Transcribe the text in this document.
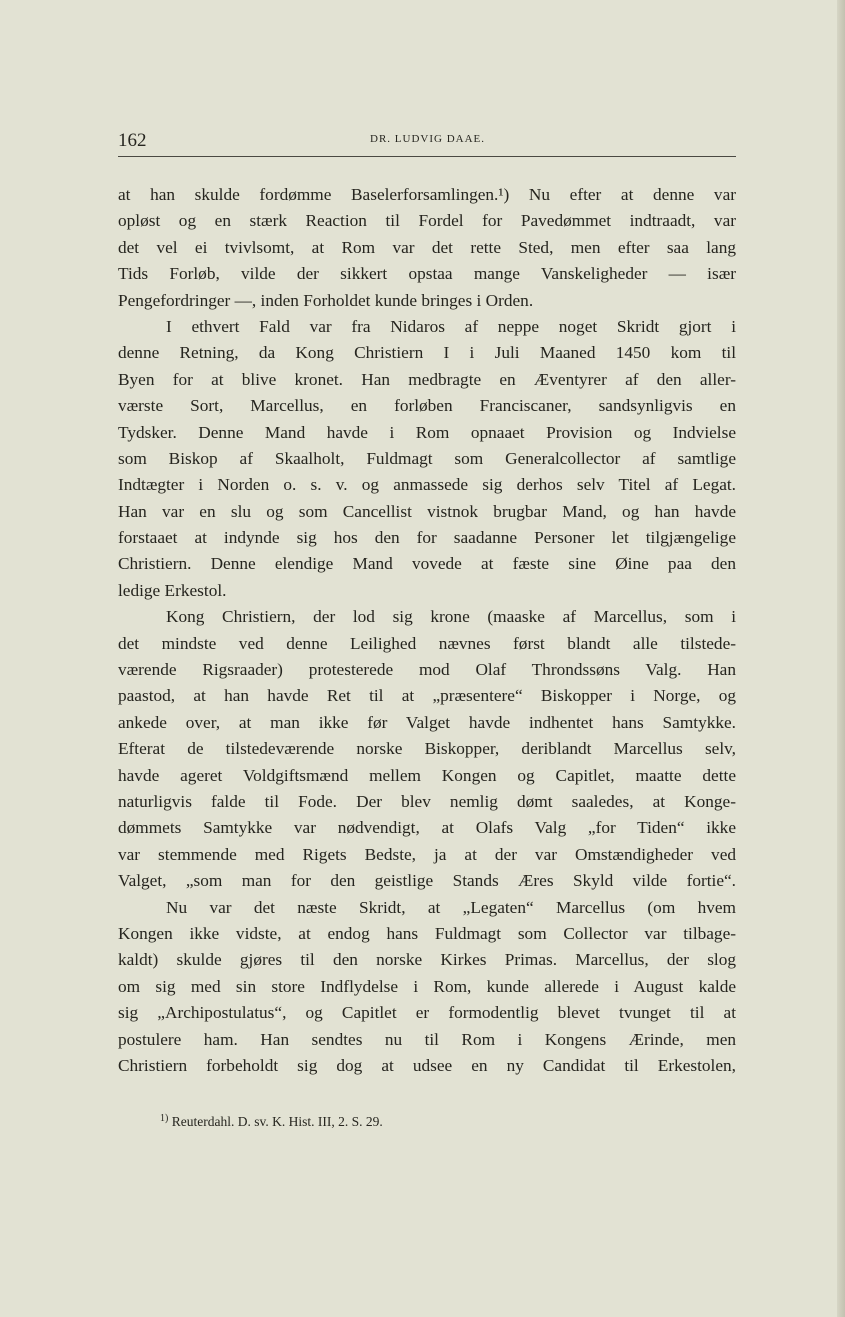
162	DR. LUDVIG DAAE.
at han skulde fordømme Baselerforsamlingen.¹) Nu efter at denne var
opløst og en stærk Reaction til Fordel for Pavedømmet indtraadt, var
det vel ei tvivlsomt, at Rom var det rette Sted, men efter saa lang
Tids Forløb, vilde der sikkert opstaa mange Vanskeligheder — især
Pengefordringer —, inden Forholdet kunde bringes i Orden.
I ethvert Fald var fra Nidaros af neppe noget Skridt gjort i
denne Retning, da Kong Christiern I i Juli Maaned 1450 kom til
Byen for at blive kronet. Han medbragte en Æventyrer af den aller-
værste Sort, Marcellus, en forløben Franciscaner, sandsynligvis en
Tydsker. Denne Mand havde i Rom opnaaet Provision og Indvielse
som Biskop af Skaalholt, Fuldmagt som Generalcollector af samtlige
Indtægter i Norden o. s. v. og anmassede sig derhos selv Titel af Legat.
Han var en slu og som Cancellist vistnok brugbar Mand, og han havde
forstaaet at indynde sig hos den for saadanne Personer let tilgjængelige
Christiern. Denne elendige Mand vovede at fæste sine Øine paa den
ledige Erkestol.
Kong Christiern, der lod sig krone (maaske af Marcellus, som i
det mindste ved denne Leilighed nævnes først blandt alle tilstede-
værende Rigsraader) protesterede mod Olaf Throndssøns Valg. Han
paastod, at han havde Ret til at „præsentere“ Biskopper i Norge, og
ankede over, at man ikke før Valget havde indhentet hans Samtykke.
Efterat de tilstedeværende norske Biskopper, deriblandt Marcellus selv,
havde ageret Voldgiftsmænd mellem Kongen og Capitlet, maatte dette
naturligvis falde til Fode. Der blev nemlig dømt saaledes, at Konge-
dømmets Samtykke var nødvendigt, at Olafs Valg „for Tiden“ ikke
var stemmende med Rigets Bedste, ja at der var Omstændigheder ved
Valget, „som man for den geistlige Stands Æres Skyld vilde fortie“.
Nu var det næste Skridt, at „Legaten“ Marcellus (om hvem
Kongen ikke vidste, at endog hans Fuldmagt som Collector var tilbage-
kaldt) skulde gjøres til den norske Kirkes Primas. Marcellus, der slog
om sig med sin store Indflydelse i Rom, kunde allerede i August kalde
sig „Archipostulatus“, og Capitlet er formodentlig blevet tvunget til at
postulere ham. Han sendtes nu til Rom i Kongens Ærinde, men
Christiern forbeholdt sig dog at udsee en ny Candidat til Erkestolen,
$^{1)}$ Reuterdahl. D. sv. K. Hist. III, 2. S. 29.
